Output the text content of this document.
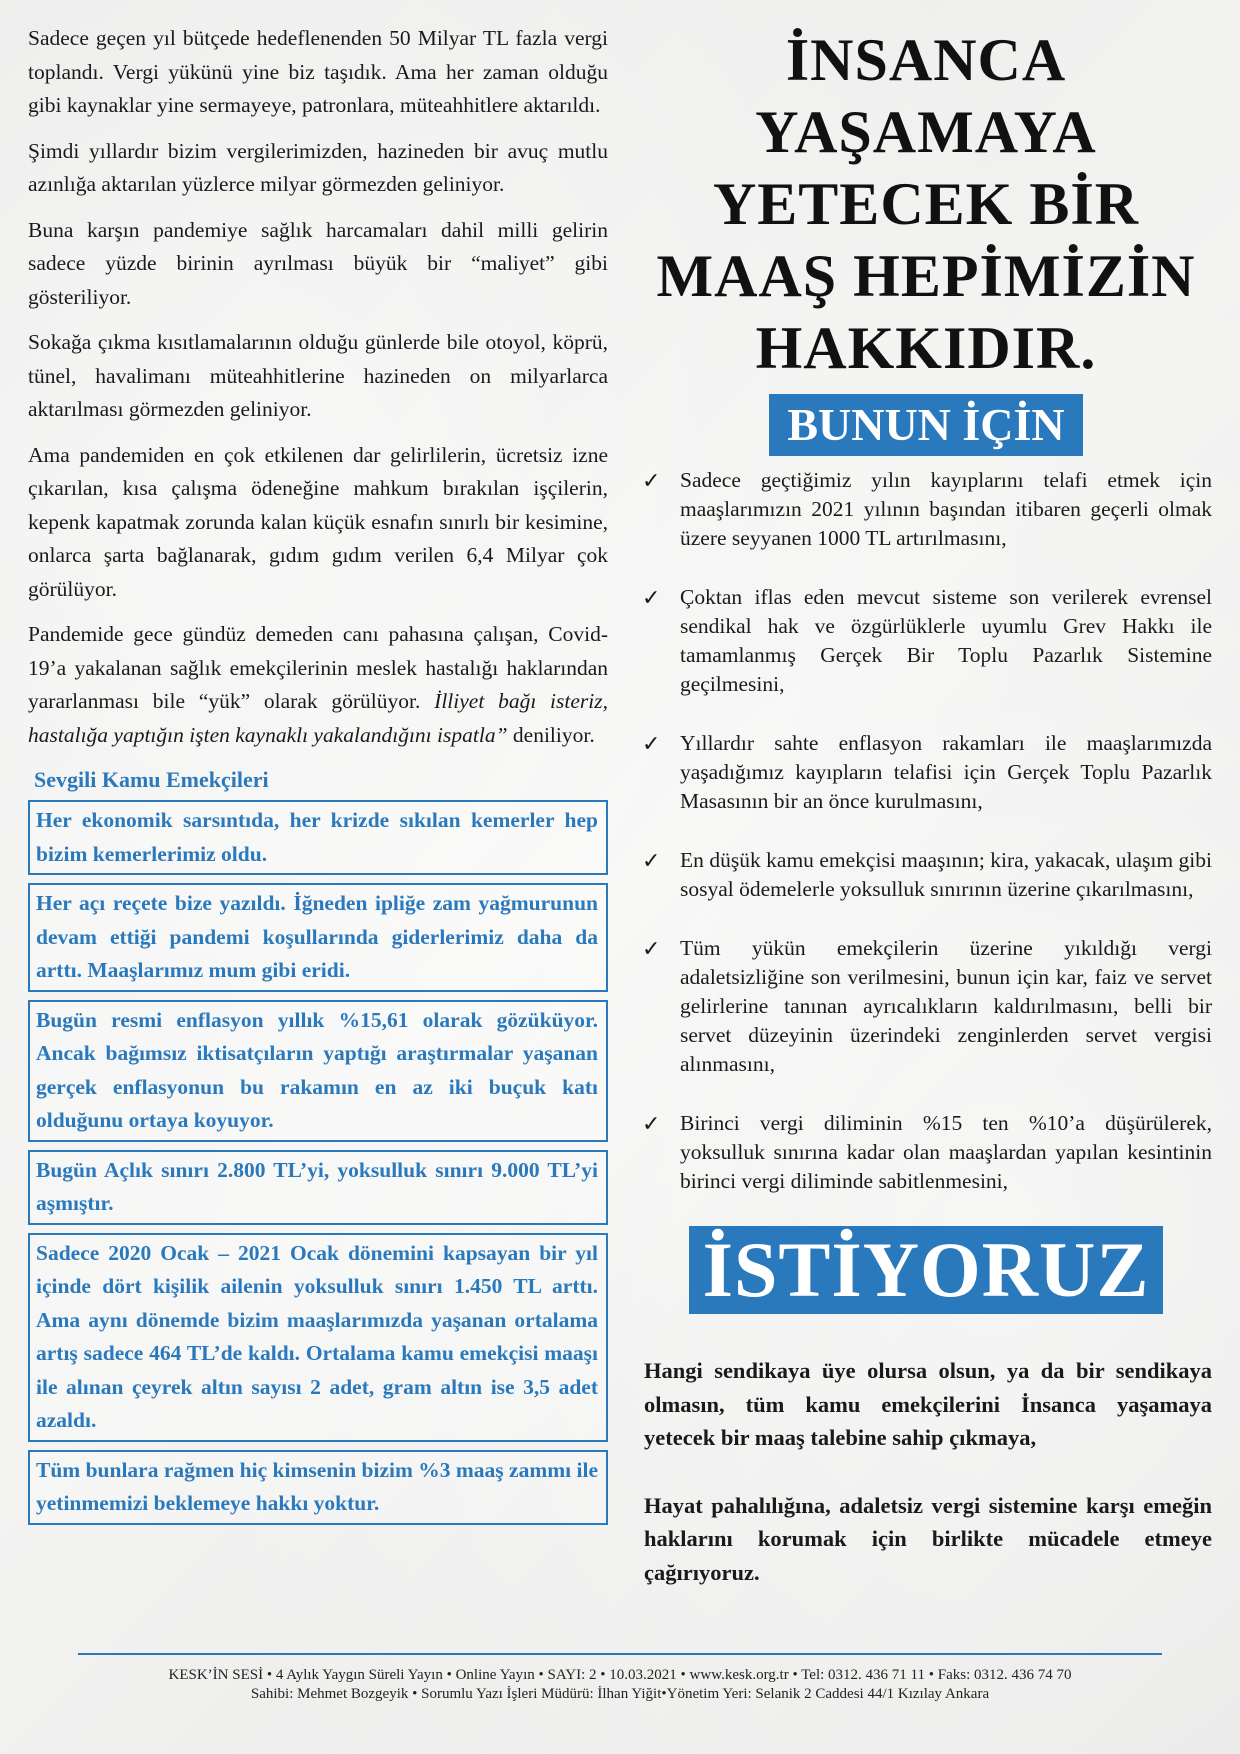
Sadece geçen yıl bütçede hedeflenenden 50 Milyar TL fazla vergi toplandı. Vergi yükünü yine biz taşıdık. Ama her zaman olduğu gibi kaynaklar yine sermayeye, patronlara, müteahhitlere aktarıldı.

Şimdi yıllardır bizim vergilerimizden, hazineden bir avuç mutlu azınlığa aktarılan yüzlerce milyar görmezden geliniyor.

Buna karşın pandemiye sağlık harcamaları dahil milli gelirin sadece yüzde birinin ayrılması büyük bir “maliyet” gibi gösteriliyor.

Sokağa çıkma kısıtlamalarının olduğu günlerde bile otoyol, köprü, tünel, havalimanı müteahhitlerine hazineden on milyarlarca aktarılması görmezden geliniyor.

Ama pandemiden en çok etkilenen dar gelirlilerin, ücretsiz izne çıkarılan, kısa çalışma ödeneğine mahkum bırakılan işçilerin, kepenk kapatmak zorunda kalan küçük esnafın sınırlı bir kesimine, onlarca şarta bağlanarak, gıdım gıdım verilen 6,4 Milyar çok görülüyor.

Pandemide gece gündüz demeden canı pahasına çalışan, Covid-19’a yakalanan sağlık emekçilerinin meslek hastalığı haklarından yararlanması bile “yük” olarak görülüyor. İlliyet bağı isteriz, hastalığa yaptığın işten kaynaklı yakalandığını ispatla” deniliyor.

Sevgili Kamu Emekçileri
Her ekonomik sarsıntıda, her krizde sıkılan kemerler hep bizim kemerlerimiz oldu.
Her açı reçete bize yazıldı. İğneden ipliğe zam yağmurunun devam ettiği pandemi koşullarında giderlerimiz daha da arttı. Maaşlarımız mum gibi eridi.
Bugün resmi enflasyon yıllık %15,61 olarak gözüküyor. Ancak bağımsız iktisatçıların yaptığı araştırmalar yaşanan gerçek enflasyonun bu rakamın en az iki buçuk katı olduğunu ortaya koyuyor.
Bugün Açlık sınırı 2.800 TL’yi, yoksulluk sınırı 9.000 TL’yi aşmıştır.
Sadece 2020 Ocak – 2021 Ocak dönemini kapsayan bir yıl içinde dört kişilik ailenin yoksulluk sınırı 1.450 TL arttı. Ama aynı dönemde bizim maaşlarımızda yaşanan ortalama artış sadece 464 TL’de kaldı. Ortalama kamu emekçisi maaşı ile alınan çeyrek altın sayısı 2 adet, gram altın ise 3,5 adet azaldı.
Tüm bunlara rağmen hiç kimsenin bizim %3 maaş zammı ile yetinmemizi beklemeye hakkı yoktur.

İNSANCA

YAŞAMAYA

YETECEK BİR

MAAŞ HEPİMİZİN

HAKKIDIR.

BUNUN İÇİN
✓ Sadece geçtiğimiz yılın kayıplarını telafi etmek için maaşlarımızın 2021 yılının başından itibaren geçerli olmak üzere seyyanen 1000 TL artırılmasını,
✓ Çoktan iflas eden mevcut sisteme son verilerek evrensel sendikal hak ve özgürlüklerle uyumlu Grev Hakkı ile tamamlanmış Gerçek Bir Toplu Pazarlık Sistemine geçilmesini,
✓ Yıllardır sahte enflasyon rakamları ile maaşlarımızda yaşadığımız kayıpların telafisi için Gerçek Toplu Pazarlık Masasının bir an önce kurulmasını,
✓ En düşük kamu emekçisi maaşının; kira, yakacak, ulaşım gibi sosyal ödemelerle yoksulluk sınırının üzerine çıkarılmasını,
✓ Tüm yükün emekçilerin üzerine yıkıldığı vergi adaletsizliğine son verilmesini, bunun için kar, faiz ve servet gelirlerine tanınan ayrıcalıkların kaldırılmasını, belli bir servet düzeyinin üzerindeki zenginlerden servet vergisi alınmasını,
✓ Birinci vergi diliminin %15 ten %10’a düşürülerek, yoksulluk sınırına kadar olan maaşlardan yapılan kesintinin birinci vergi diliminde sabitlenmesini,
İSTİYORUZ

Hangi sendikaya üye olursa olsun, ya da bir sendikaya olmasın, tüm kamu emekçilerini İnsanca yaşamaya yetecek bir maaş talebine sahip çıkmaya,

Hayat pahalılığına, adaletsiz vergi sistemine karşı emeğin haklarını korumak için birlikte mücadele etmeye çağırıyoruz.

KESK’İN SESİ • 4 Aylık Yaygın Süreli Yayın • Online Yayın • SAYI: 2 • 10.03.2021 • www.kesk.org.tr • Tel: 0312. 436 71 11 • Faks: 0312. 436 74 70
Sahibi: Mehmet Bozgeyik • Sorumlu Yazı İşleri Müdürü: İlhan Yiğit•Yönetim Yeri: Selanik 2 Caddesi 44/1 Kızılay Ankara
